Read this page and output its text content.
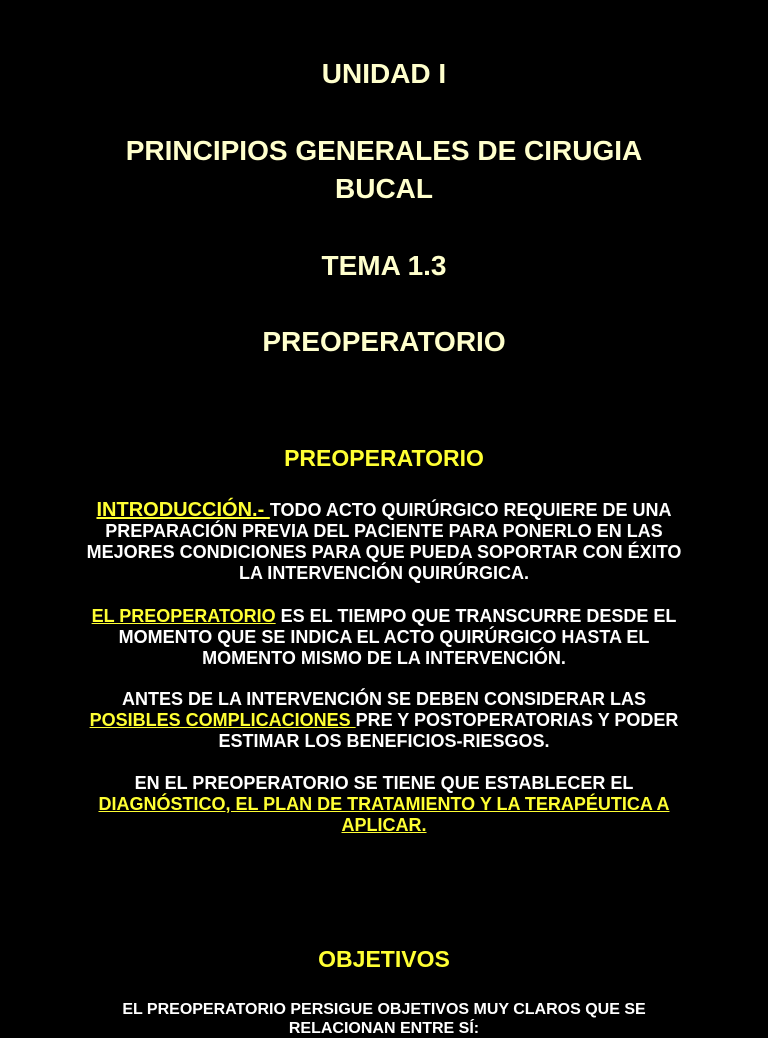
UNIDAD I

PRINCIPIOS GENERALES DE CIRUGIA

BUCAL

TEMA 1.3

PREOPERATORIO

PREOPERATORIO

INTRODUCCIÓN.- TODO ACTO QUIRÚRGICO REQUIERE DE UNA
PREPARACIÓN PREVIA DEL PACIENTE PARA PONERLO EN LAS
MEJORES CONDICIONES PARA QUE PUEDA SOPORTAR CON ÉXITO
LA INTERVENCIÓN QUIRÚRGICA.
EL PREOPERATORIO ES EL TIEMPO QUE TRANSCURRE DESDE EL
MOMENTO QUE SE INDICA EL ACTO QUIRÚRGICO HASTA EL
MOMENTO MISMO DE LA INTERVENCIÓN.
ANTES DE LA INTERVENCIÓN SE DEBEN CONSIDERAR LAS
POSIBLES COMPLICACIONES PRE Y POSTOPERATORIAS Y PODER
ESTIMAR LOS BENEFICIOS-RIESGOS.
EN EL PREOPERATORIO SE TIENE QUE ESTABLECER EL
DIAGNÓSTICO, EL PLAN DE TRATAMIENTO Y LA TERAPÉUTICA A
APLICAR.

OBJETIVOS

EL PREOPERATORIO PERSIGUE OBJETIVOS MUY CLAROS QUE SE
RELACIONAN ENTRE SÍ:
